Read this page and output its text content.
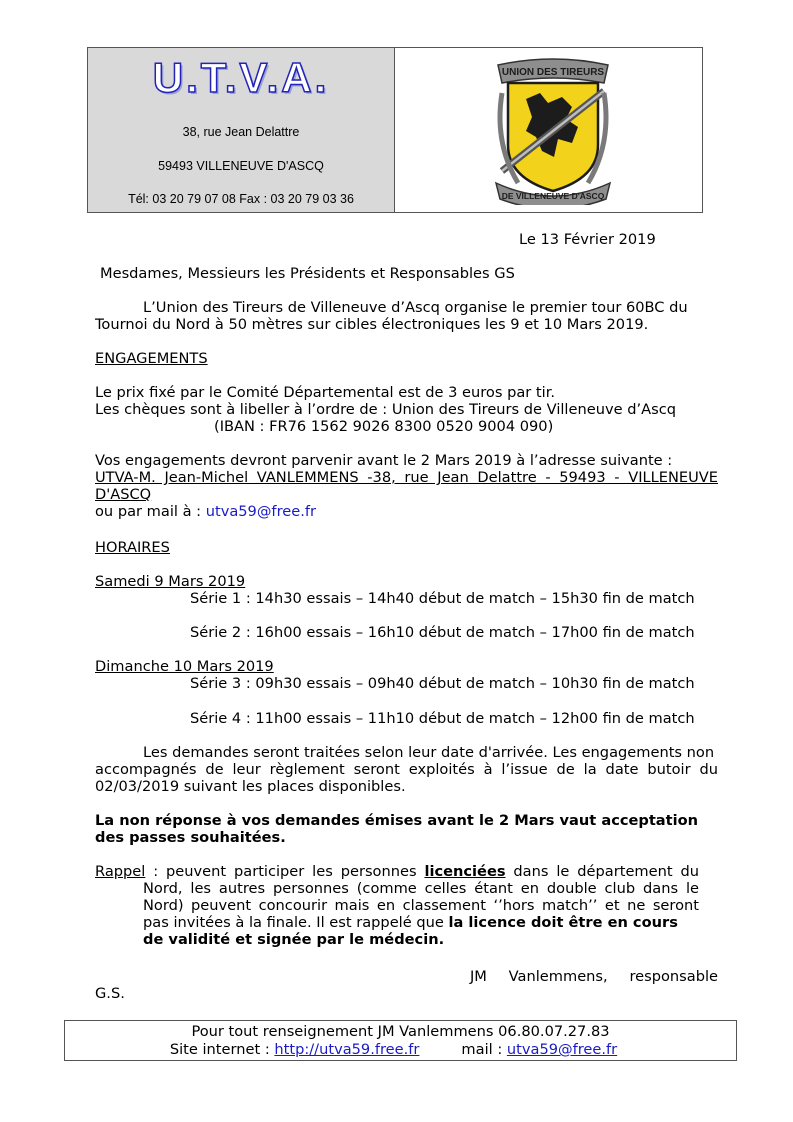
U.T.V.A.
38, rue Jean Delattre
59493 VILLENEUVE D'ASCQ
Tél: 03 20 79 07 08 Fax : 03 20 79 03 36
UNION DES TIREURS
DE VILLENEUVE D'ASCQ
Le 13 Février 2019
Mesdames, Messieurs les Présidents et Responsables GS
L’Union des Tireurs de Villeneuve d’Ascq organise le premier tour 60BC du
Tournoi du Nord à 50 mètres sur cibles électroniques les 9 et 10 Mars 2019.
ENGAGEMENTS
Le prix fixé par le Comité Départemental est de 3 euros par tir.
Les chèques sont à libeller à l’ordre de : Union des Tireurs de Villeneuve d’Ascq
(IBAN : FR76 1562 9026 8300 0520 9004 090)
Vos engagements devront parvenir avant le 2 Mars 2019 à l’adresse suivante :
UTVA-M. Jean-Michel VANLEMMENS -38, rue Jean Delattre - 59493 - VILLENEUVE
D'ASCQ
ou par mail à : utva59@free.fr
HORAIRES
Samedi 9 Mars 2019
Série 1 : 14h30 essais – 14h40 début de match – 15h30 fin de match
Série 2 : 16h00 essais – 16h10 début de match – 17h00 fin de match
Dimanche 10 Mars 2019
Série 3 : 09h30 essais – 09h40 début de match – 10h30 fin de match
Série 4 : 11h00 essais – 11h10 début de match – 12h00 fin de match
Les demandes seront traitées selon leur date d'arrivée. Les engagements non
accompagnés de leur règlement seront exploités à l’issue de la date butoir du
02/03/2019 suivant les places disponibles.
La non réponse à vos demandes émises avant le 2 Mars vaut acceptation
des passes souhaitées.
Rappel : peuvent participer les personnes licenciées dans le département du
Nord, les autres personnes (comme celles étant en double club dans le
Nord) peuvent concourir mais en classement ‘’hors match’’ et ne seront
pas invitées à la finale. Il est rappelé que la licence doit être en cours
de validité et signée par le médecin.
JM Vanlemmens, responsable
G.S.
Pour tout renseignement JM Vanlemmens 06.80.07.27.83
Site internet : http://utva59.free.fr	mail : utva59@free.fr
